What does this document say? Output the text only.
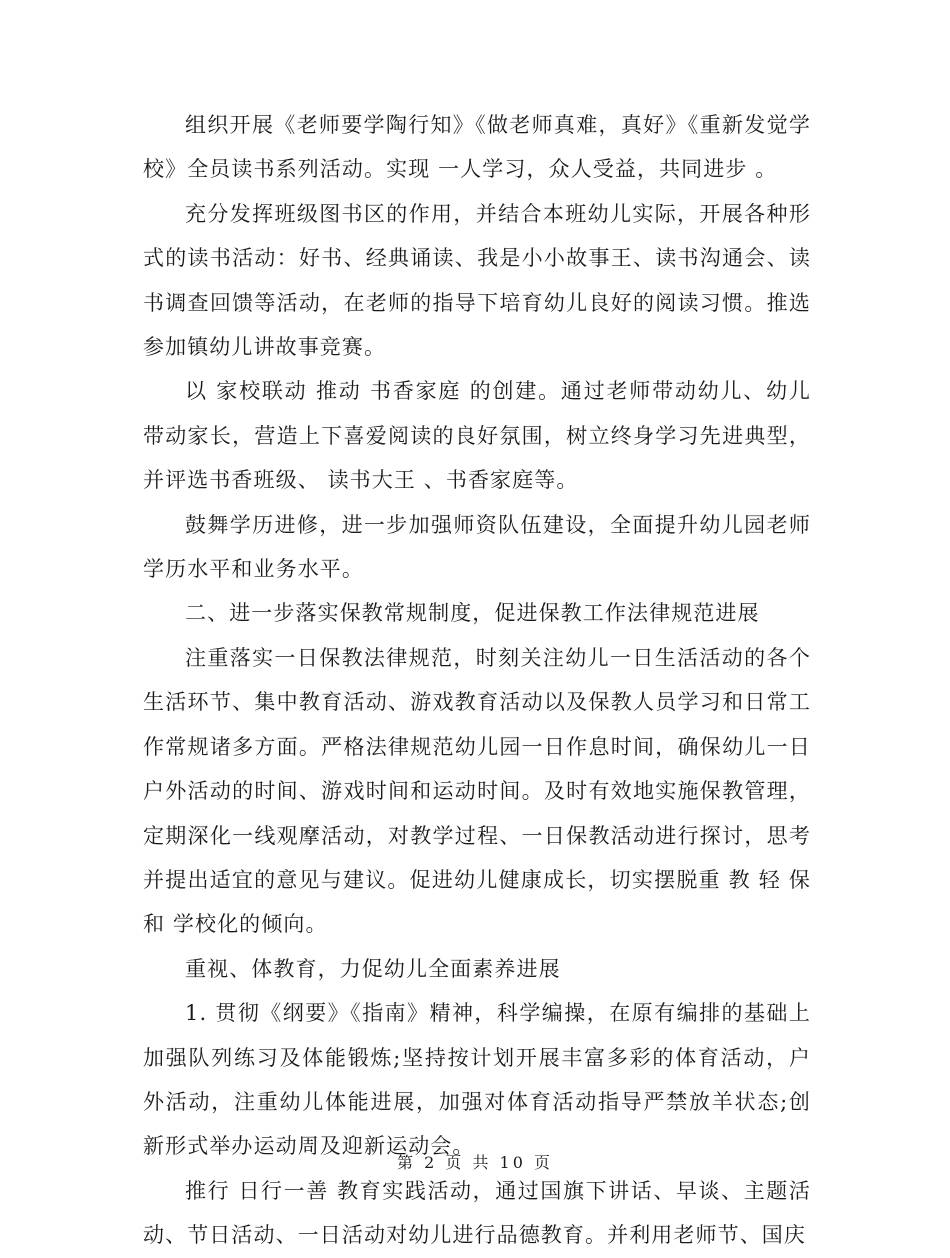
组织开展《老师要学陶行知》《做老师真难，真好》《重新发觉学校》全员读书系列活动。实现 一人学习，众人受益，共同进步 。

充分发挥班级图书区的作用，并结合本班幼儿实际，开展各种形式的读书活动：好书、经典诵读、我是小小故事王、读书沟通会、读书调查回馈等活动，在老师的指导下培育幼儿良好的阅读习惯。推选参加镇幼儿讲故事竞赛。

以 家校联动 推动 书香家庭 的创建。通过老师带动幼儿、幼儿带动家长，营造上下喜爱阅读的良好氛围，树立终身学习先进典型，并评选书香班级、 读书大王 、书香家庭等。

鼓舞学历进修，进一步加强师资队伍建设，全面提升幼儿园老师学历水平和业务水平。

二、进一步落实保教常规制度，促进保教工作法律规范进展

注重落实一日保教法律规范，时刻关注幼儿一日生活活动的各个生活环节、集中教育活动、游戏教育活动以及保教人员学习和日常工作常规诸多方面。严格法律规范幼儿园一日作息时间，确保幼儿一日户外活动的时间、游戏时间和运动时间。及时有效地实施保教管理，定期深化一线观摩活动，对教学过程、一日保教活动进行探讨，思考并提出适宜的意见与建议。促进幼儿健康成长，切实摆脱重 教 轻 保 和 学校化的倾向。

重视、体教育，力促幼儿全面素养进展

1. 贯彻《纲要》《指南》精神，科学编操，在原有编排的基础上加强队列练习及体能锻炼;坚持按计划开展丰富多彩的体育活动，户外活动，注重幼儿体能进展，加强对体育活动指导严禁放羊状态;创新形式举办运动周及迎新运动会。

推行 日行一善 教育实践活动，通过国旗下讲话、早谈、主题活动、节日活动、一日活动对幼儿进行品德教育。并利用老师节、国庆

第 2 页 共 10 页
